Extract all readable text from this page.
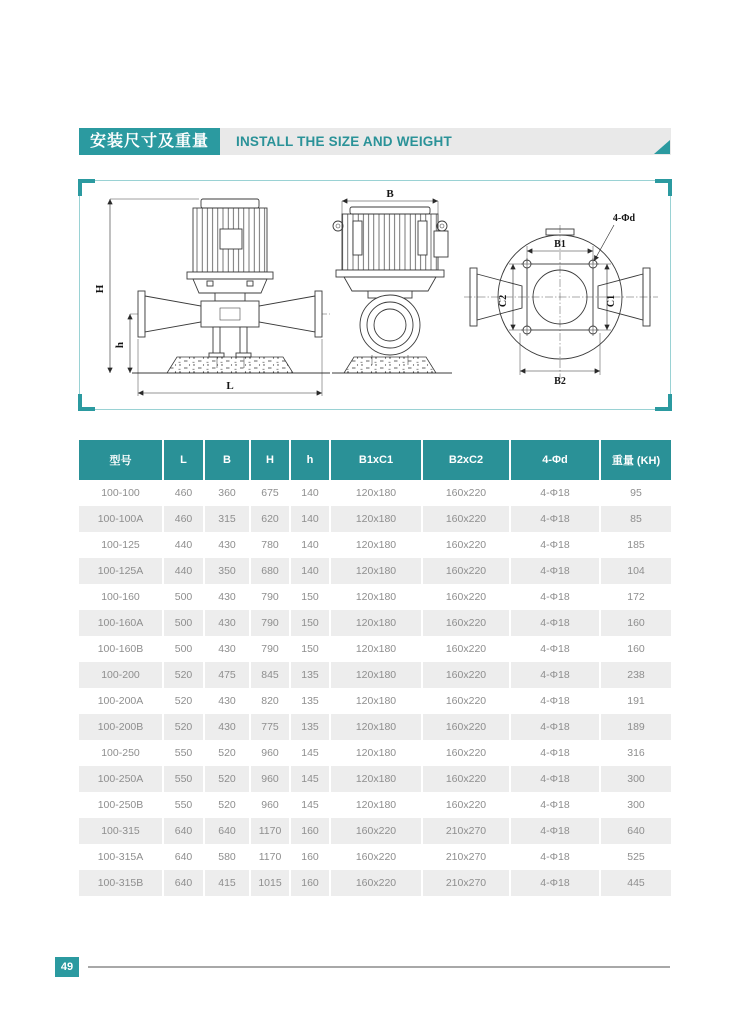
安装尺寸及重量	INSTALL THE SIZE AND WEIGHT
H
h
L
B
B1
C2	C1
B2
4-Φd
型号	L	B	H	h	B1xC1	B2xC2	4-Φd	重量 (KH)
100-100	460	360	675	140	120x180	160x220	4-Φ18	95
100-100A	460	315	620	140	120x180	160x220	4-Φ18	85
100-125	440	430	780	140	120x180	160x220	4-Φ18	185
100-125A	440	350	680	140	120x180	160x220	4-Φ18	104
100-160	500	430	790	150	120x180	160x220	4-Φ18	172
100-160A	500	430	790	150	120x180	160x220	4-Φ18	160
100-160B	500	430	790	150	120x180	160x220	4-Φ18	160
100-200	520	475	845	135	120x180	160x220	4-Φ18	238
100-200A	520	430	820	135	120x180	160x220	4-Φ18	191
100-200B	520	430	775	135	120x180	160x220	4-Φ18	189
100-250	550	520	960	145	120x180	160x220	4-Φ18	316
100-250A	550	520	960	145	120x180	160x220	4-Φ18	300
100-250B	550	520	960	145	120x180	160x220	4-Φ18	300
100-315	640	640	1170	160	160x220	210x270	4-Φ18	640
100-315A	640	580	1170	160	160x220	210x270	4-Φ18	525
100-315B	640	415	1015	160	160x220	210x270	4-Φ18	445
49
